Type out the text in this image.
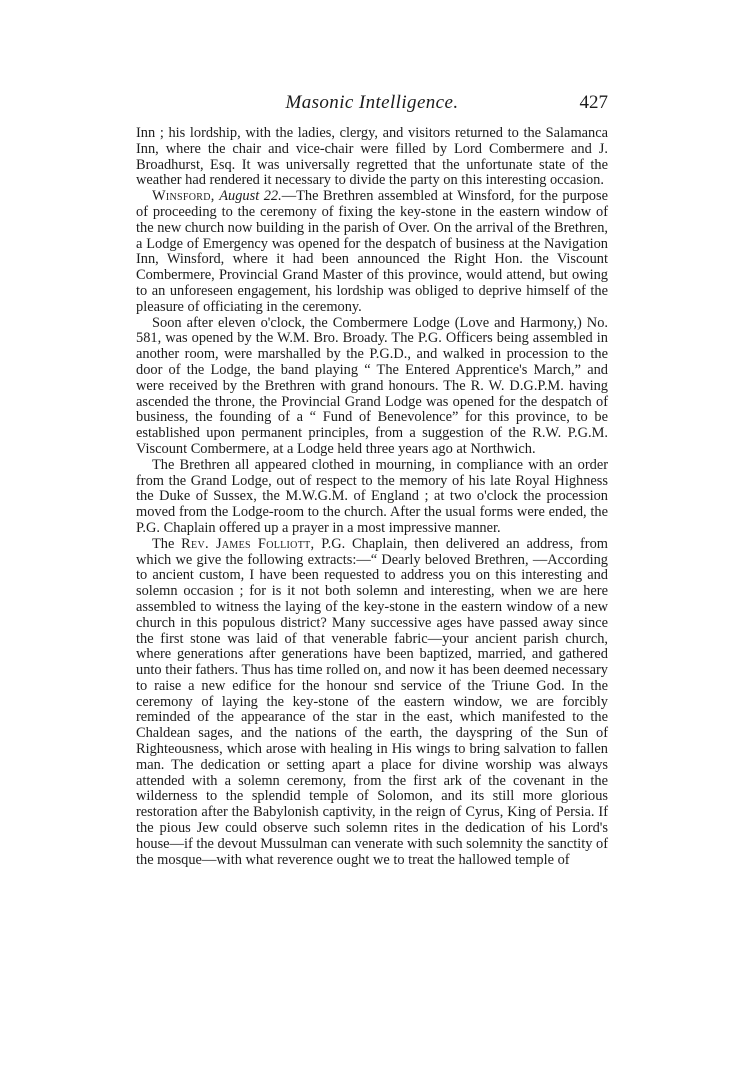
Masonic Intelligence.	427

Inn ; his lordship, with the ladies, clergy, and visitors returned to the Salamanca Inn, where the chair and vice-chair were filled by Lord Combermere and J. Broadhurst, Esq. It was universally regretted that the unfortunate state of the weather had rendered it necessary to divide the party on this interesting occasion.

Winsford, August 22.—The Brethren assembled at Winsford, for the purpose of proceeding to the ceremony of fixing the key-stone in the eastern window of the new church now building in the parish of Over. On the arrival of the Brethren, a Lodge of Emergency was opened for the despatch of business at the Navigation Inn, Winsford, where it had been announced the Right Hon. the Viscount Combermere, Provincial Grand Master of this province, would attend, but owing to an unforeseen engagement, his lordship was obliged to deprive himself of the pleasure of officiating in the ceremony.

Soon after eleven o'clock, the Combermere Lodge (Love and Harmony,) No. 581, was opened by the W.M. Bro. Broady. The P.G. Officers being assembled in another room, were marshalled by the P.G.D., and walked in procession to the door of the Lodge, the band playing “ The Entered Apprentice's March,” and were received by the Brethren with grand honours. The R. W. D.G.P.M. having ascended the throne, the Provincial Grand Lodge was opened for the despatch of business, the founding of a “ Fund of Benevolence” for this province, to be established upon permanent principles, from a suggestion of the R.W. P.G.M. Viscount Combermere, at a Lodge held three years ago at Northwich.

The Brethren all appeared clothed in mourning, in compliance with an order from the Grand Lodge, out of respect to the memory of his late Royal Highness the Duke of Sussex, the M.W.G.M. of England ; at two o'clock the procession moved from the Lodge-room to the church. After the usual forms were ended, the P.G. Chaplain offered up a prayer in a most impressive manner.

The Rev. James Folliott, P.G. Chaplain, then delivered an address, from which we give the following extracts:—“ Dearly beloved Brethren, —According to ancient custom, I have been requested to address you on this interesting and solemn occasion ; for is it not both solemn and interesting, when we are here assembled to witness the laying of the key-stone in the eastern window of a new church in this populous district? Many successive ages have passed away since the first stone was laid of that venerable fabric—your ancient parish church, where generations after generations have been baptized, married, and gathered unto their fathers. Thus has time rolled on, and now it has been deemed necessary to raise a new edifice for the honour snd service of the Triune God. In the ceremony of laying the key-stone of the eastern window, we are forcibly reminded of the appearance of the star in the east, which manifested to the Chaldean sages, and the nations of the earth, the dayspring of the Sun of Righteousness, which arose with healing in His wings to bring salvation to fallen man. The dedication or setting apart a place for divine worship was always attended with a solemn ceremony, from the first ark of the covenant in the wilderness to the splendid temple of Solomon, and its still more glorious restoration after the Babylonish captivity, in the reign of Cyrus, King of Persia. If the pious Jew could observe such solemn rites in the dedication of his Lord's house—if the devout Mussulman can venerate with such solemnity the sanctity of the mosque—with what reverence ought we to treat the hallowed temple of
